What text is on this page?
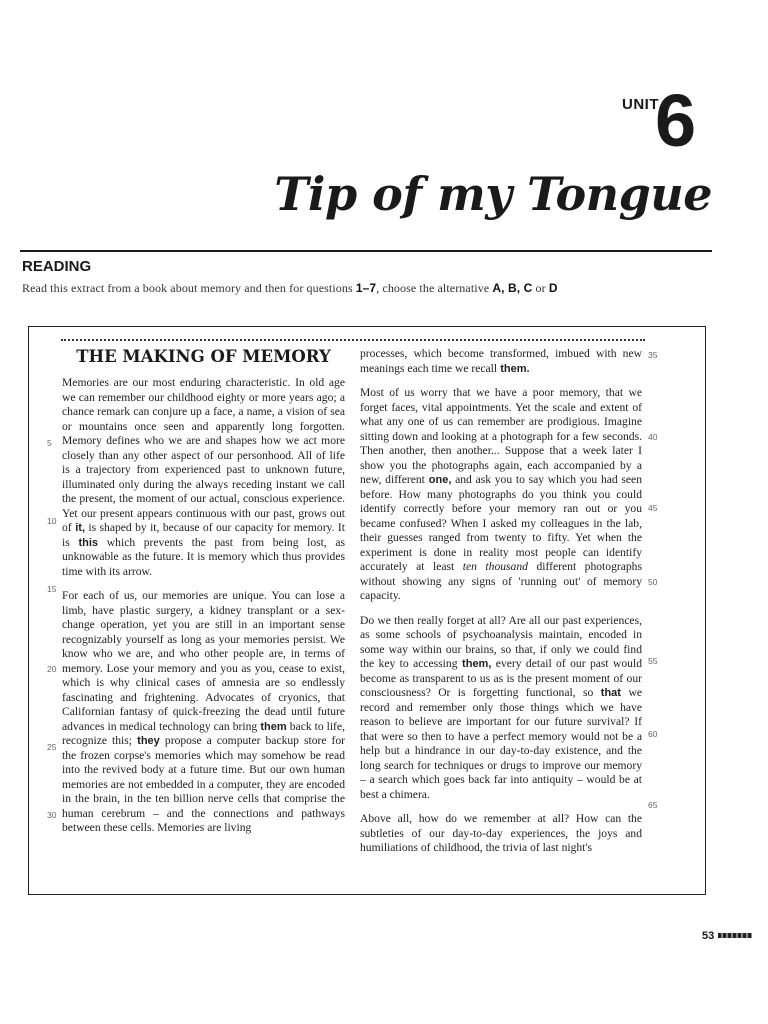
UNIT
6
Tip of my Tongue
READING
Read this extract from a book about memory and then for questions 1–7, choose the alternative A, B, C or D
THE MAKING OF MEMORY

Memories are our most enduring characteristic. In old age we can remember our childhood eighty or more years ago; a chance remark can conjure up a face, a name, a vision of sea or mountains once seen and apparently long forgotten. Memory defines who we are and shapes how we act more closely than any other aspect of our personhood. All of life is a trajectory from experienced past to unknown future, illuminated only during the always receding instant we call the present, the moment of our actual, conscious experience. Yet our present appears continuous with our past, grows out of it, is shaped by it, because of our capacity for memory. It is this which prevents the past from being lost, as unknowable as the future. It is memory which thus provides time with its arrow.

For each of us, our memories are unique. You can lose a limb, have plastic surgery, a kidney transplant or a sex-change operation, yet you are still in an important sense recognizably yourself as long as your memories persist. We know who we are, and who other people are, in terms of memory. Lose your memory and you as you, cease to exist, which is why clinical cases of amnesia are so endlessly fascinating and frightening. Advocates of cryonics, that Californian fantasy of quick-freezing the dead until future advances in medical technology can bring them back to life, recognize this; they propose a computer backup store for the frozen corpse's memories which may somehow be read into the revived body at a future time. But our own human memories are not embedded in a computer, they are encoded in the brain, in the ten billion nerve cells that comprise the human cerebrum – and the connections and pathways between these cells. Memories are living

processes, which become transformed, imbued with new meanings each time we recall them.

Most of us worry that we have a poor memory, that we forget faces, vital appointments. Yet the scale and extent of what any one of us can remember are prodigious. Imagine sitting down and looking at a photograph for a few seconds. Then another, then another... Suppose that a week later I show you the photographs again, each accompanied by a new, different one, and ask you to say which you had seen before. How many photographs do you think you could identify correctly before your memory ran out or you became confused? When I asked my colleagues in the lab, their guesses ranged from twenty to fifty. Yet when the experiment is done in reality most people can identify accurately at least ten thousand different photographs without showing any signs of 'running out' of memory capacity.

Do we then really forget at all? Are all our past experiences, as some schools of psychoanalysis maintain, encoded in some way within our brains, so that, if only we could find the key to accessing them, every detail of our past would become as transparent to us as is the present moment of our consciousness? Or is forgetting functional, so that we record and remember only those things which we have reason to believe are important for our future survival? If that were so then to have a perfect memory would not be a help but a hindrance in our day-to-day existence, and the long search for techniques or drugs to improve our memory – a search which goes back far into antiquity – would be at best a chimera.

Above all, how do we remember at all? How can the subtleties of our day-to-day experiences, the joys and humiliations of childhood, the trivia of last night's

5
10
15
20
25
30
35
40
45
50
55
60
65
53
